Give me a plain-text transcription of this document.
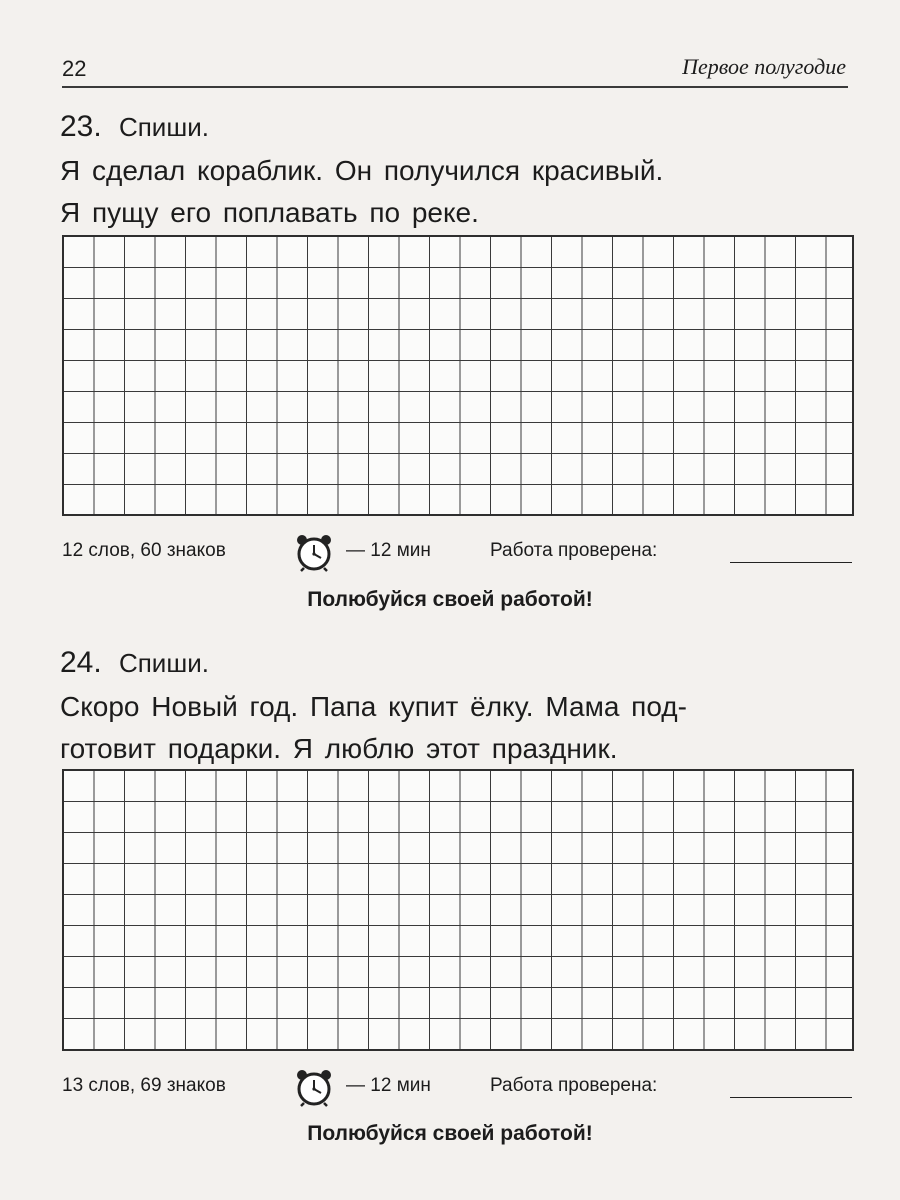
22	Первое полугодие
23. Спиши.
Я сделал кораблик. Он получился красивый.
Я пущу его поплавать по реке.
12 слов, 60 знаков	— 12 мин	Работа проверена:
Полюбуйся своей работой!
24. Спиши.
Скоро Новый год. Папа купит ёлку. Мама под-
готовит подарки. Я люблю этот праздник.
13 слов, 69 знаков	— 12 мин	Работа проверена:
Полюбуйся своей работой!
